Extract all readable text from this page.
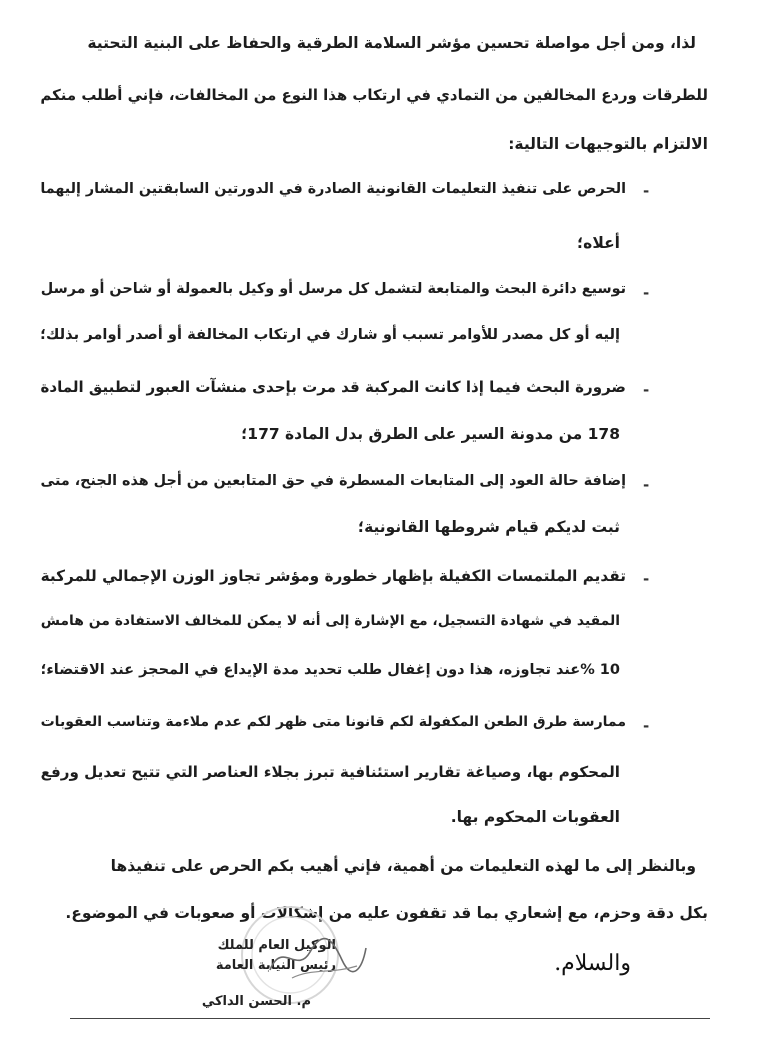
لذا، ومن أجل مواصلة تحسين مؤشر السلامة الطرقية والحفاظ على البنية التحتية
للطرقات وردع المخالفين من التمادي في ارتكاب هذا النوع من المخالفات، فإني أطلب منكم
الالتزام بالتوجيهات التالية:
-
الحرص على تنفيذ التعليمات القانونية الصادرة في الدورتين السابقتين المشار إليهما
أعلاه؛
-
توسيع دائرة البحث والمتابعة لتشمل كل مرسل أو وكيل بالعمولة أو شاحن أو مرسل
إليه أو كل مصدر للأوامر تسبب أو شارك في ارتكاب المخالفة أو أصدر أوامر بذلك؛
-
ضرورة البحث فيما إذا كانت المركبة قد مرت بإحدى منشآت العبور لتطبيق المادة
178 من مدونة السير على الطرق بدل المادة 177؛
-
إضافة حالة العود إلى المتابعات المسطرة في حق المتابعين من أجل هذه الجنح، متى
ثبت لديكم قيام شروطها القانونية؛
-
تقديم الملتمسات الكفيلة بإظهار خطورة ومؤشر تجاوز الوزن الإجمالي للمركبة
المقيد في شهادة التسجيل، مع الإشارة إلى أنه لا يمكن للمخالف الاستفادة من هامش
10 %عند تجاوزه، هذا دون إغفال طلب تحديد مدة الإيداع في المحجز عند الاقتضاء؛
-
ممارسة طرق الطعن المكفولة لكم قانونا متى ظهر لكم عدم ملاءمة وتناسب العقوبات
المحكوم بها، وصياغة تقارير استئنافية تبرز بجلاء العناصر التي تتيح تعديل ورفع
العقوبات المحكوم بها.
وبالنظر إلى ما لهذه التعليمات من أهمية، فإني أهيب بكم الحرص على تنفيذها
بكل دقة وحزم، مع إشعاري بما قد تقفون عليه من إشكالات أو صعوبات في الموضوع.
والسلام.
الوكيل العام للملك
رئيس النيابة العامة
م. الحسن الداكي
